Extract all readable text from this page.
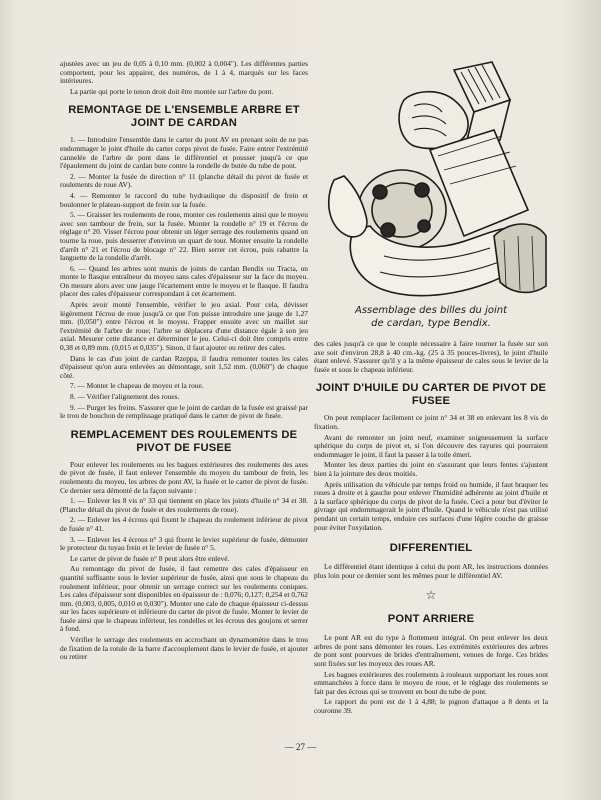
ajustées avec un jeu de 0,05 à 0,10 mm. (0,002 à 0,004"). Les différentes parties comportent, pour les appairer, des numéros, de 1 à 4, marqués sur les faces intérieures.

La partie qui porte le tenon droit doit être montée sur l'arbre du pont.

REMONTAGE DE L'ENSEMBLE ARBRE ET JOINT DE CARDAN

1. — Introduire l'ensemble dans le carter du pont AV en prenant soin de ne pas endommager le joint d'huile du carter corps pivot de fusée. Faire entrer l'extrémité cannelée de l'arbre de pont dans le différentiel et pousser jusqu'à ce que l'épaulement du joint de cardan bute contre la rondelle de butée du tube de pont.

2. — Monter la fusée de direction n° 11 (planche détail du pivot de fusée et roulements de roue AV).

4. — Remonter le raccord du tube hydraulique du dispositif de frein et boulonner le plateau-support de frein sur la fusée.

5. — Graisser les roulements de roue, monter ces roulements ainsi que le moyeu avec son tambour de frein, sur la fusée. Monter la rondelle n° 19 et l'écrou de réglage n° 20. Visser l'écrou pour obtenir un léger serrage des roulements quand on tourne la roue, puis desserrer d'environ un quart de tour. Monter ensuite la rondelle d'arrêt n° 21 et l'écrou de blocage n° 22. Bien serrer cet écrou, puis rabattre la languette de la rondelle d'arrêt.

6. — Quand les arbres sont munis de joints de cardan Bendix ou Tracta, on monte le flasque entraîneur du moyeu sans cales d'épaisseur sur la face du moyeu. On mesure alors avec une jauge l'écartement entre le moyeu et le flasque. Il faudra placer des cales d'épaisseur correspondant à cet écartement.

Après avoir monté l'ensemble, vérifier le jeu axial. Pour cela, dévisser légèrement l'écrou de roue jusqu'à ce que l'on puisse introduire une jauge de 1,27 mm. (0,050") entre l'écrou et le moyeu. Frapper ensuite avec un maillet sur l'extrémité de l'arbre de roue; l'arbre se déplacera d'une distance égale à son jeu axial. Mesurer cette distance et déterminer le jeu. Celui-ci doit être compris entre 0,38 et 0,89 mm. (0,015 et 0,035"). Sinon, il faut ajouter ou retirer des cales.

Dans le cas d'un joint de cardan Rzeppa, il faudra remonter toutes les cales d'épaisseur qu'on aura enlevées au démontage, soit 1,52 mm. (0,060") de chaque côté.

7. — Monter le chapeau de moyeu et la roue.

8. — Vérifier l'alignement des roues.

9. — Purger les freins. S'assurer que le joint de cardan de la fusée est graissé par le trou de bouchon de remplissage pratiqué dans le carter de pivot de fusée.

REMPLACEMENT DES ROULEMENTS DE PIVOT DE FUSEE

Pour enlever les roulements ou les bagues extérieures des roulements des axes de pivot de fusée, il faut enlever l'ensemble du moyeu du tambour de frein, les roulements du moyeu, les arbres de pont AV, la fusée et le carter de pivot de fusée. Ce dernier sera démonté de la façon suivante :

1. — Enlever les 8 vis n° 33 qui tiennent en place les joints d'huile n° 34 et 38. (Planche détail du pivot de fusée et des roulements de roue).

2. — Enlever les 4 écrous qui fixent le chapeau du roulement inférieur de pivot de fusée n° 41.

3. — Enlever les 4 écrous n° 3 qui fixent le levier supérieur de fusée, démonter le protecteur du tuyau frein et le levier de fusée n° 5.

Le carter de pivot de fusée n° 8 peut alors être enlevé.

Au remontage du pivot de fusée, il faut remettre des cales d'épaisseur en quantité suffisante sous le levier supérieur de fusée, ainsi que sous le chapeau du roulement inférieur, pour obtenir un serrage correct sur les roulements coniques. Les cales d'épaisseur sont disponibles en épaisseur de : 0,076; 0,127; 0,254 et 0,762 mm. (0,003, 0,005, 0,010 et 0,030"). Monter une cale de chaque épaisseur ci-dessus sur les faces supérieure et inférieure du carter de pivot de fusée. Monter le levier de fusée ainsi que le chapeau inférieur, les rondelles et les écrous des goujons et serrer à fond.

Vérifier le serrage des roulements en accrochant un dynamomètre dans le trou de fixation de la rotule de la barre d'accouplement dans le levier de fusée, et ajouter ou retirer

Assemblage des billes du joint
de cardan, type Bendix.

des cales jusqu'à ce que le couple nécessaire à faire tourner la fusée sur son axe soit d'environ 28,8 à 40 cm.-kg. (25 à 35 pouces-livres), le joint d'huile étant enlevé. S'assurer qu'il y a la même épaisseur de cales sous le levier de la fusée et sous le chapeau inférieur.

JOINT D'HUILE DU CARTER DE PIVOT DE FUSEE

On peut remplacer facilement ce joint n° 34 et 38 en enlevant les 8 vis de fixation.

Avant de remonter un joint neuf, examiner soigneusement la surface sphérique du corps de pivot et, si l'on découvre des rayures qui pourraient endommager le joint, il faut la passer à la toile émeri.

Monter les deux parties du joint en s'assurant que leurs fentes s'ajustent bien à la jointure des deux moitiés.

Après utilisation du véhicule par temps froid ou humide, il faut braquer les roues à droite et à gauche pour enlever l'humidité adhérente au joint d'huile et à la surface sphérique du corps de pivot de la fusée. Ceci a pour but d'éviter le givrage qui endommagerait le joint d'huile. Quand le véhicule n'est pas utilisé pendant un certain temps, enduire ces surfaces d'une légère couche de graisse pour éviter l'oxydation.

DIFFERENTIEL

Le différentiel étant identique à celui du pont AR, les instructions données plus loin pour ce dernier sont les mêmes pour le différentiel AV.

☆
PONT ARRIERE

Le pont AR est du type à flottement intégral. On peut enlever les deux arbres de pont sans démonter les roues. Les extrémités extérieures des arbres de pont sont pourvues de brides d'entraînement, venues de forge. Ces brides sont fixées sur les moyeux des roues AR.

Les bagues extérieures des roulements à rouleaux supportant les roues sont emmanchées à force dans le moyeu de roue, et le réglage des roulements se fait par des écrous qui se trouvent en bout du tube de pont.

Le rapport du pont est de 1 à 4,88; le pignon d'attaque a 8 dents et la couronne 39.

— 27 —
